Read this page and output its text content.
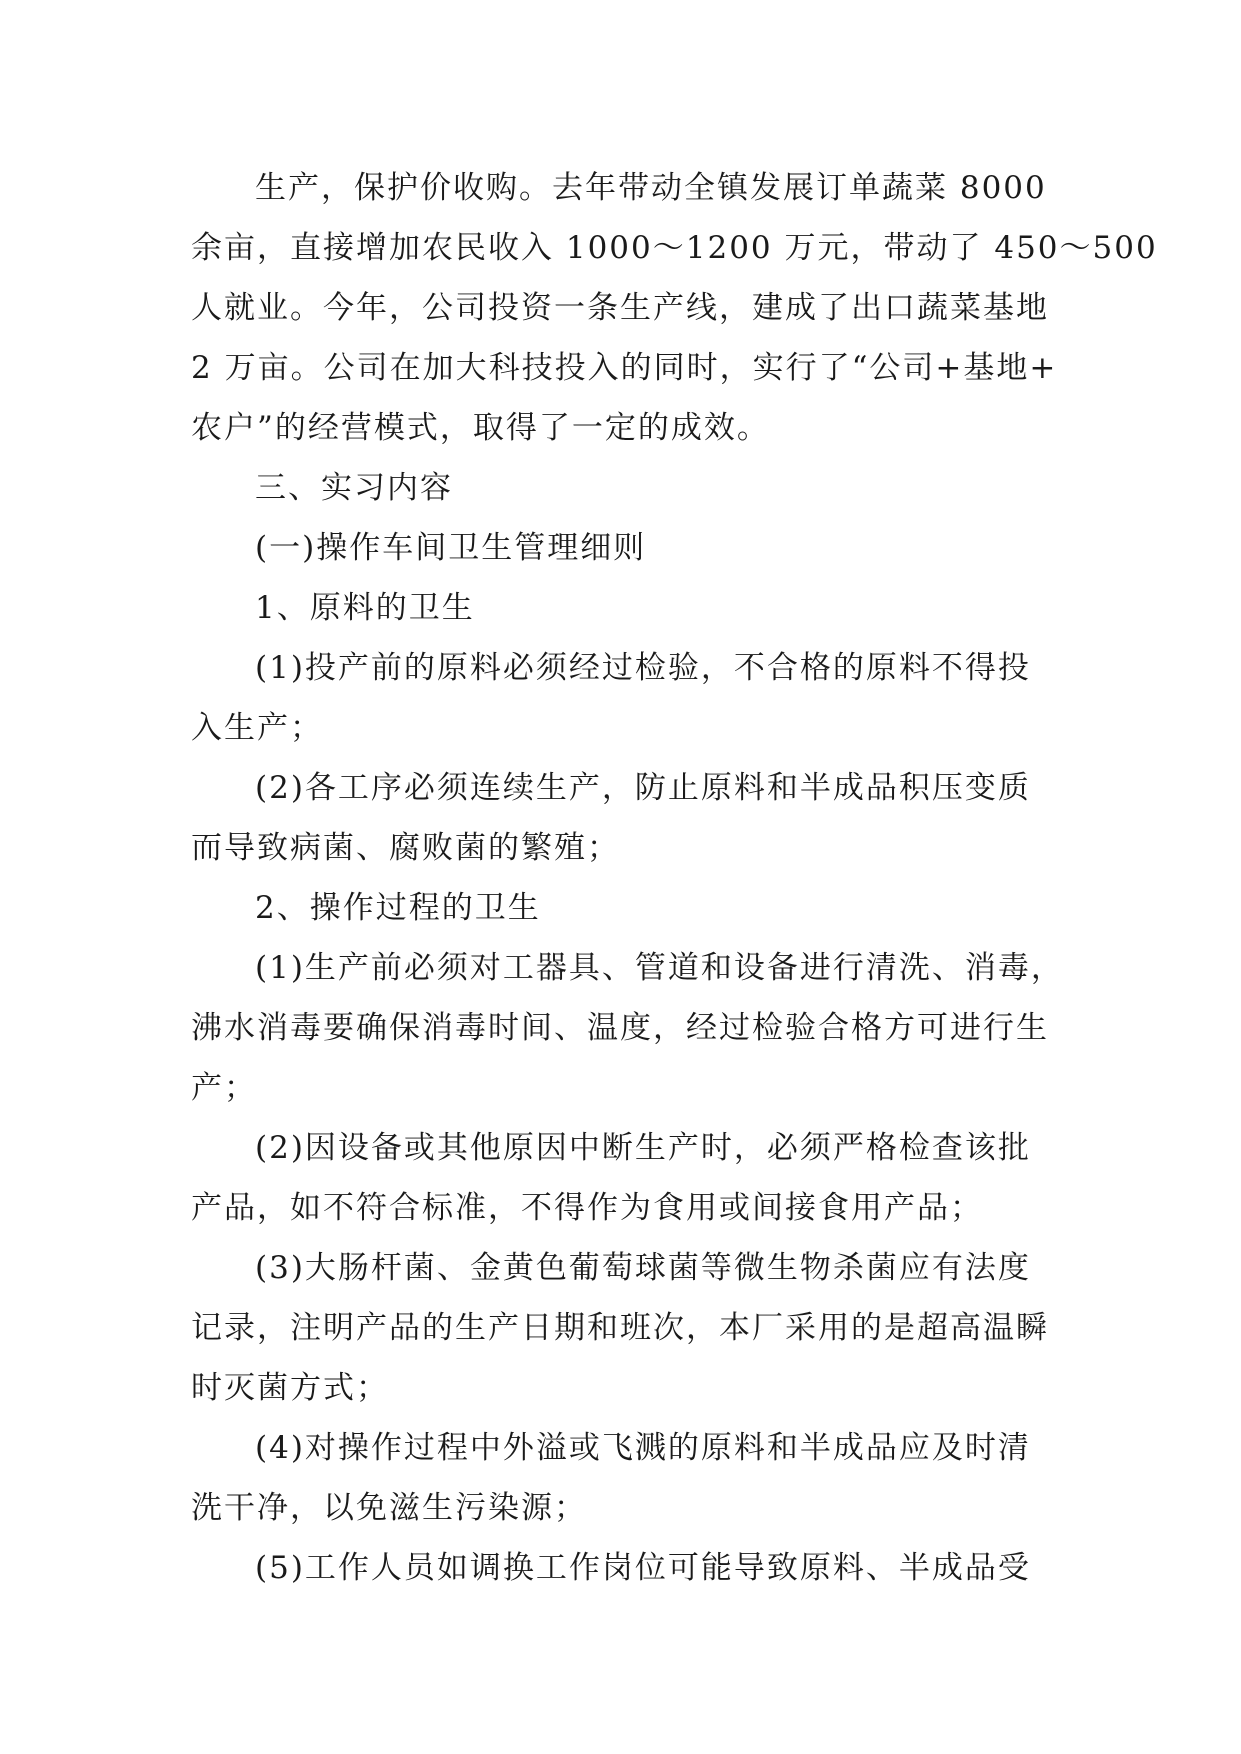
生产，保护价收购。去年带动全镇发展订单蔬菜 8000
余亩，直接增加农民收入 1000～1200 万元，带动了 450～500
人就业。今年，公司投资一条生产线，建成了出口蔬菜基地
2 万亩。公司在加大科技投入的同时，实行了“公司+基地+
农户”的经营模式，取得了一定的成效。
三、实习内容
(一)操作车间卫生管理细则
1、原料的卫生
(1)投产前的原料必须经过检验，不合格的原料不得投
入生产；
(2)各工序必须连续生产，防止原料和半成品积压变质
而导致病菌、腐败菌的繁殖；
2、操作过程的卫生
(1)生产前必须对工器具、管道和设备进行清洗、消毒，
沸水消毒要确保消毒时间、温度，经过检验合格方可进行生
产；
(2)因设备或其他原因中断生产时，必须严格检查该批
产品，如不符合标准，不得作为食用或间接食用产品；
(3)大肠杆菌、金黄色葡萄球菌等微生物杀菌应有法度
记录，注明产品的生产日期和班次，本厂采用的是超高温瞬
时灭菌方式；
(4)对操作过程中外溢或飞溅的原料和半成品应及时清
洗干净，以免滋生污染源；
(5)工作人员如调换工作岗位可能导致原料、半成品受
